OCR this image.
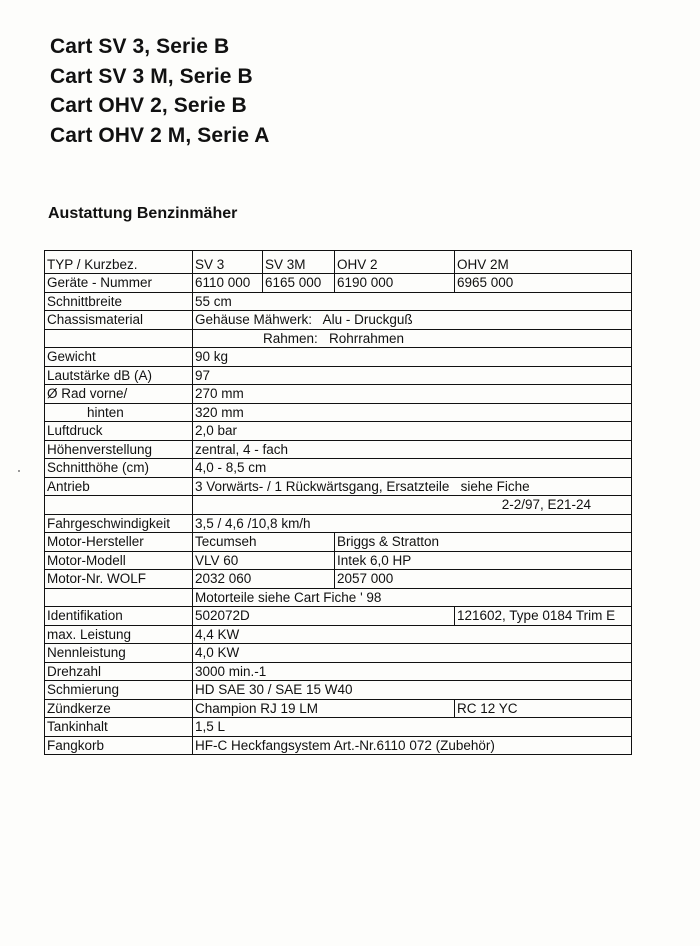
Cart SV 3, Serie B
Cart SV 3 M, Serie B
Cart OHV 2, Serie B
Cart OHV 2 M, Serie A
Austattung Benzinmäher
TYP / Kurzbez.	SV 3	SV 3M	OHV 2	OHV 2M
Geräte - Nummer	6110 000	6165 000	6190 000	6965 000
Schnittbreite	55 cm			
Chassismaterial	Gehäuse Mähwerk:   Alu - Druckguß			
	Rahmen:   Rohrrahmen			
Gewicht	90 kg			
Lautstärke dB (A)	97			
Ø Rad vorne/	270 mm			
hinten	320 mm			
Luftdruck	2,0 bar			
Höhenverstellung	zentral, 4 - fach			
Schnitthöhe (cm)	4,0 - 8,5 cm			
Antrieb	3 Vorwärts- / 1 Rückwärtsgang, Ersatzteile   siehe Fiche			
	2-2/97, E21-24			
Fahrgeschwindigkeit	3,5 / 4,6 /10,8 km/h			
Motor-Hersteller	Tecumseh		Briggs & Stratton	
Motor-Modell	VLV 60		Intek 6,0 HP	
Motor-Nr. WOLF	2032 060		2057 000	
	Motorteile siehe Cart Fiche ' 98			
Identifikation	502072D			121602, Type 0184 Trim E
max. Leistung	4,4 KW			
Nennleistung	4,0 KW			
Drehzahl	3000 min.-1			
Schmierung	HD SAE 30 / SAE 15 W40			
Zündkerze	Champion RJ 19 LM			RC 12 YC
Tankinhalt	1,5 L			
Fangkorb	HF-C Heckfangsystem Art.-Nr.6110 072 (Zubehör)			
